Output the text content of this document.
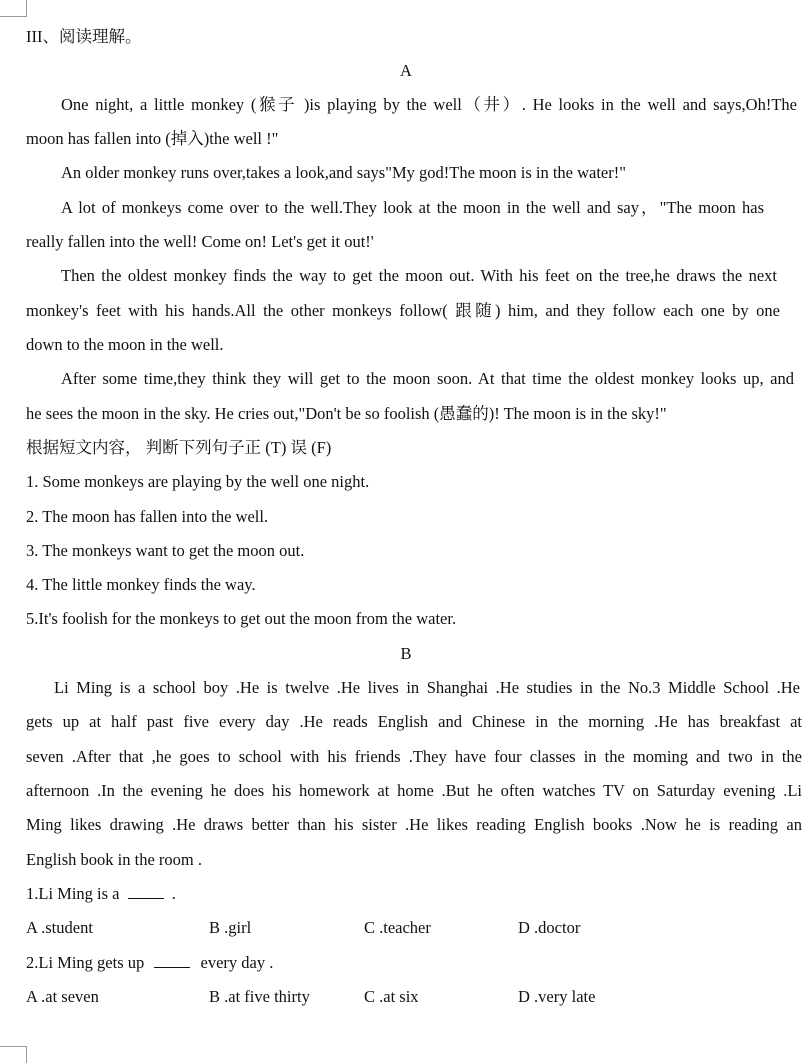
III、阅读理解。
A
One night, a little monkey (猴子 )is playing by the well（井）. He looks in the well and says,Oh!The
moon has fallen into (掉入)the well !"
An older monkey runs over,takes a look,and says"My god!The moon is in the water!"
A lot of monkeys come over to the well.They look at the moon in the well and say，"The moon has
really fallen into the well! Come on! Let's get it out!'
Then the oldest monkey finds the way to get the moon out. With his feet on the tree,he draws the next
monkey's feet with his hands.All the other monkeys follow( 跟随) him, and they follow each one by one
down to the moon in the well.
After some time,they think they will get to the moon soon. At that time the oldest monkey looks up, and
he sees the moon in the sky. He cries out,"Don't be so foolish (愚蠢的)! The moon is in the sky!"
根据短文内容， 判断下列句子正 (T) 误 (F)
1. Some monkeys are playing by the well one night.
2. The moon has fallen into the well.
3. The monkeys want to get the moon out.
4. The little monkey finds the way.
5.It's foolish for the monkeys to get out the moon from the water.
B
Li Ming is a school boy .He is twelve .He lives in Shanghai .He studies in the No.3 Middle School .He
gets up at half past five every day .He reads English and Chinese in the morning .He has breakfast at
seven .After that ,he goes to school with his friends .They have four classes in the moming and two in the
afternoon .In the evening he does his homework at home .But he often watches TV on Saturday evening .Li
Ming likes drawing .He draws better than his sister .He likes reading English books .Now he is reading an
English book in the room .
1.Li Ming is a	.
A .student	B .girl	C .teacher	D .doctor
2.Li Ming gets up	every day .
A .at seven	B .at five thirty	C .at six	D .very late
